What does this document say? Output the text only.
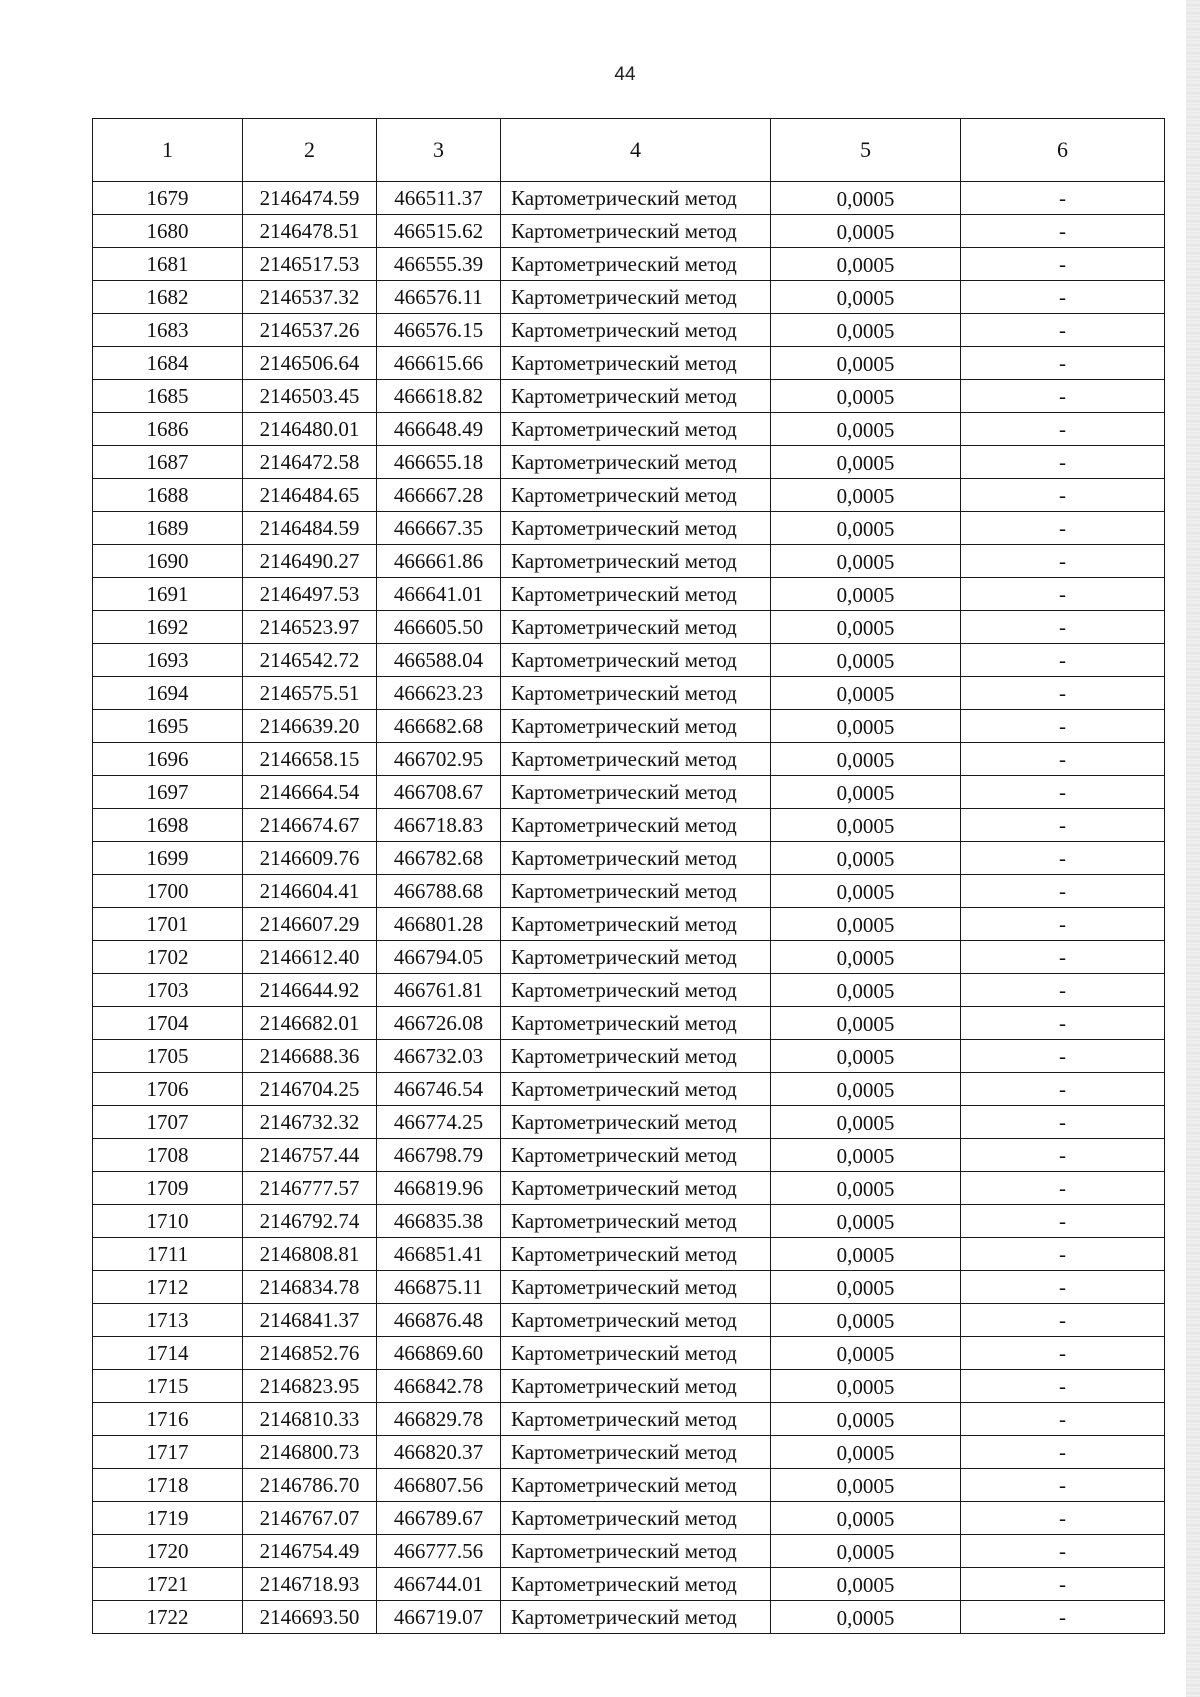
44
1	2	3	4	5	6
1679	2146474.59	466511.37	Картометрический метод	0,0005	-
1680	2146478.51	466515.62	Картометрический метод	0,0005	-
1681	2146517.53	466555.39	Картометрический метод	0,0005	-
1682	2146537.32	466576.11	Картометрический метод	0,0005	-
1683	2146537.26	466576.15	Картометрический метод	0,0005	-
1684	2146506.64	466615.66	Картометрический метод	0,0005	-
1685	2146503.45	466618.82	Картометрический метод	0,0005	-
1686	2146480.01	466648.49	Картометрический метод	0,0005	-
1687	2146472.58	466655.18	Картометрический метод	0,0005	-
1688	2146484.65	466667.28	Картометрический метод	0,0005	-
1689	2146484.59	466667.35	Картометрический метод	0,0005	-
1690	2146490.27	466661.86	Картометрический метод	0,0005	-
1691	2146497.53	466641.01	Картометрический метод	0,0005	-
1692	2146523.97	466605.50	Картометрический метод	0,0005	-
1693	2146542.72	466588.04	Картометрический метод	0,0005	-
1694	2146575.51	466623.23	Картометрический метод	0,0005	-
1695	2146639.20	466682.68	Картометрический метод	0,0005	-
1696	2146658.15	466702.95	Картометрический метод	0,0005	-
1697	2146664.54	466708.67	Картометрический метод	0,0005	-
1698	2146674.67	466718.83	Картометрический метод	0,0005	-
1699	2146609.76	466782.68	Картометрический метод	0,0005	-
1700	2146604.41	466788.68	Картометрический метод	0,0005	-
1701	2146607.29	466801.28	Картометрический метод	0,0005	-
1702	2146612.40	466794.05	Картометрический метод	0,0005	-
1703	2146644.92	466761.81	Картометрический метод	0,0005	-
1704	2146682.01	466726.08	Картометрический метод	0,0005	-
1705	2146688.36	466732.03	Картометрический метод	0,0005	-
1706	2146704.25	466746.54	Картометрический метод	0,0005	-
1707	2146732.32	466774.25	Картометрический метод	0,0005	-
1708	2146757.44	466798.79	Картометрический метод	0,0005	-
1709	2146777.57	466819.96	Картометрический метод	0,0005	-
1710	2146792.74	466835.38	Картометрический метод	0,0005	-
1711	2146808.81	466851.41	Картометрический метод	0,0005	-
1712	2146834.78	466875.11	Картометрический метод	0,0005	-
1713	2146841.37	466876.48	Картометрический метод	0,0005	-
1714	2146852.76	466869.60	Картометрический метод	0,0005	-
1715	2146823.95	466842.78	Картометрический метод	0,0005	-
1716	2146810.33	466829.78	Картометрический метод	0,0005	-
1717	2146800.73	466820.37	Картометрический метод	0,0005	-
1718	2146786.70	466807.56	Картометрический метод	0,0005	-
1719	2146767.07	466789.67	Картометрический метод	0,0005	-
1720	2146754.49	466777.56	Картометрический метод	0,0005	-
1721	2146718.93	466744.01	Картометрический метод	0,0005	-
1722	2146693.50	466719.07	Картометрический метод	0,0005	-
